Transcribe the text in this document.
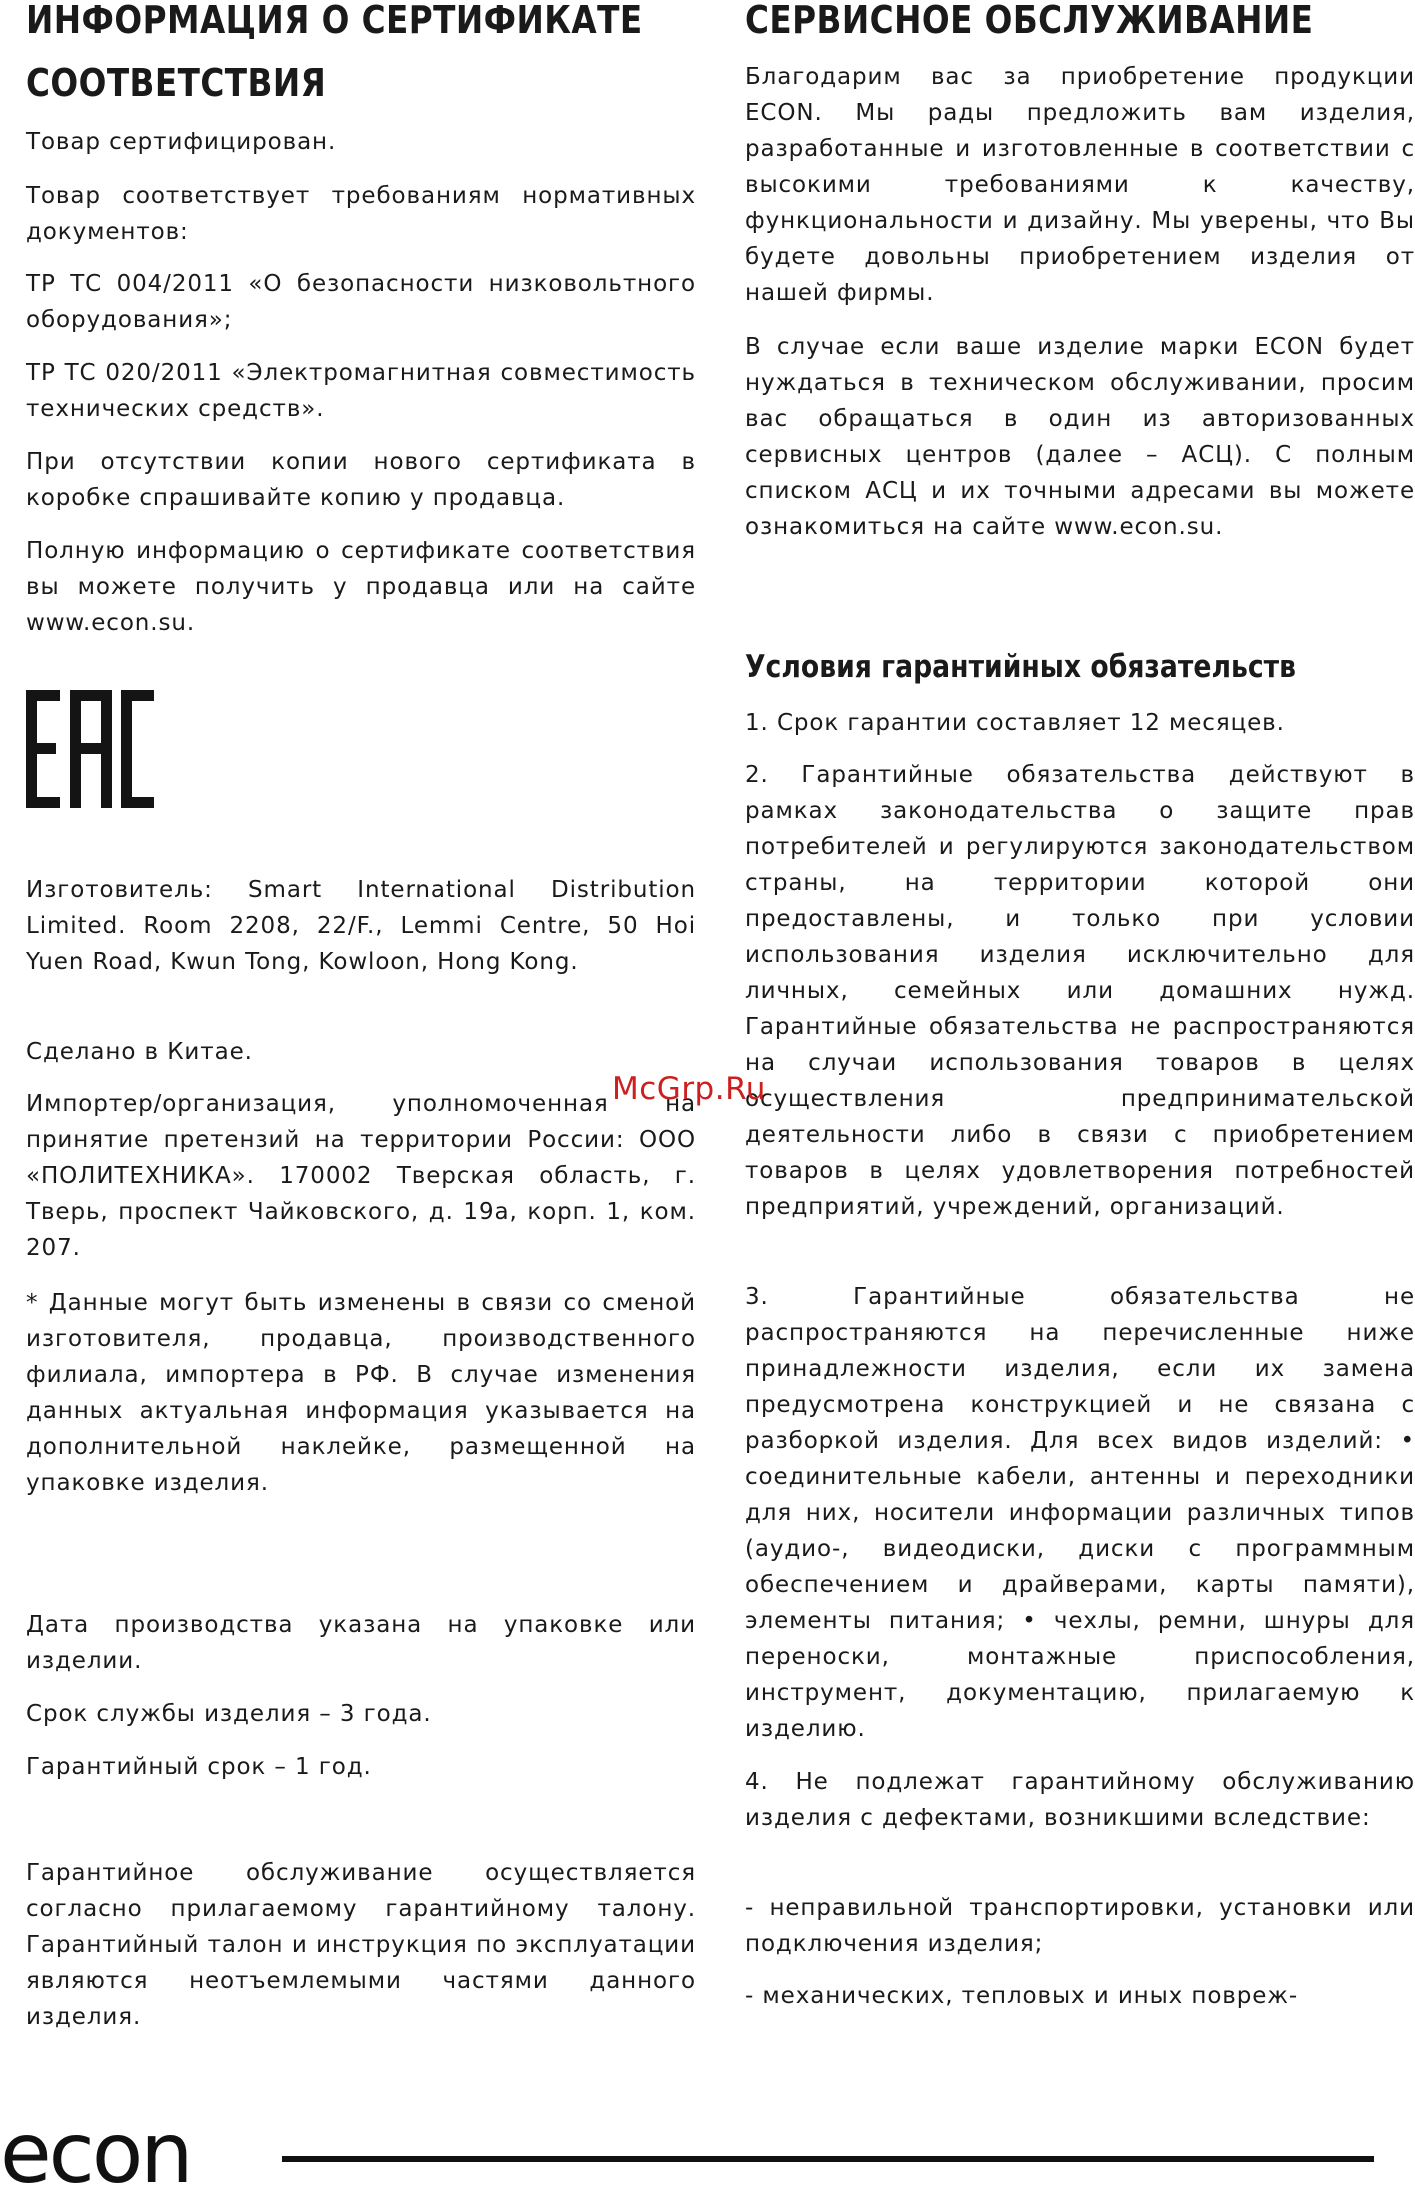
ИНФОРМАЦИЯ О СЕРТИФИКАТЕ
СООТВЕТСТВИЯ

Товар сертифицирован.

Товар соответствует требованиям нормативных документов:

ТР ТС 004/2011 «О безопасности низковольтного оборудования»;

ТР ТС 020/2011 «Электромагнитная совместимость технических средств».

При отсутствии копии нового сертификата в коробке спрашивайте копию у продавца.

Полную информацию о сертификате соответствия вы можете получить у продавца или на сайте www.econ.su.

Изготовитель: Smart International Distribution Limited. Room 2208, 22/F., Lemmi Centre, 50 Hoi Yuen Road, Kwun Tong, Kowloon, Hong Kong.

Сделано в Китае.

Импортер/организация, уполномоченная на принятие претензий на территории России: ООО «ПОЛИТЕХНИКА». 170002 Тверская область, г. Тверь, проспект Чайковского, д. 19а, корп. 1, ком. 207.

* Данные могут быть изменены в связи со сменой изготовителя, продавца, производственного филиала, импортера в РФ. В случае изменения данных актуальная информация указывается на дополнительной наклейке, размещенной на упаковке изделия.

Дата производства указана на упаковке или изделии.

Срок службы изделия – 3 года.

Гарантийный срок – 1 год.

Гарантийное обслуживание осуществляется согласно прилагаемому гарантийному талону. Гарантийный талон и инструкция по эксплуатации являются неотъемлемыми частями данного изделия.

СЕРВИСНОЕ ОБСЛУЖИВАНИЕ

Благодарим вас за приобретение продукции ECON. Мы рады предложить вам изделия, разработанные и изготовленные в соответствии с высокими требованиями к качеству, функциональности и дизайну. Мы уверены, что Вы будете довольны приобретением изделия от нашей фирмы.

В случае если ваше изделие марки ECON будет нуждаться в техническом обслуживании, просим вас обращаться в один из авторизованных сервисных центров (далее – АСЦ). С полным списком АСЦ и их точными адресами вы можете ознакомиться на сайте www.econ.su.

Условия гарантийных обязательств

1. Срок гарантии составляет 12 месяцев.

2. Гарантийные обязательства действуют в рамках законодательства о защите прав потребителей и регулируются законодательством страны, на территории которой они предоставлены, и только при условии использования изделия исключительно для личных, семейных или домашних нужд. Гарантийные обязательства не распространяются на случаи использования товаров в целях осуществления предпринимательской деятельности либо в связи с приобретением товаров в целях удовлетворения потребностей предприятий, учреждений, организаций.

3. Гарантийные обязательства не распространяются на перечисленные ниже принадлежности изделия, если их замена предусмотрена конструкцией и не связана с разборкой изделия. Для всех видов изделий: • соединительные кабели, антенны и переходники для них, носители информации различных типов (аудио-, видеодиски, диски с программным обеспечением и драйверами, карты памяти), элементы питания; • чехлы, ремни, шнуры для переноски, монтажные приспособления, инструмент, документацию, прилагаемую к изделию.

4. Не подлежат гарантийному обслуживанию изделия с дефектами, возникшими вследствие:

- неправильной транспортировки, установки или подключения изделия;

- механических, тепловых и иных повреж-

McGrp.Ru
econ
